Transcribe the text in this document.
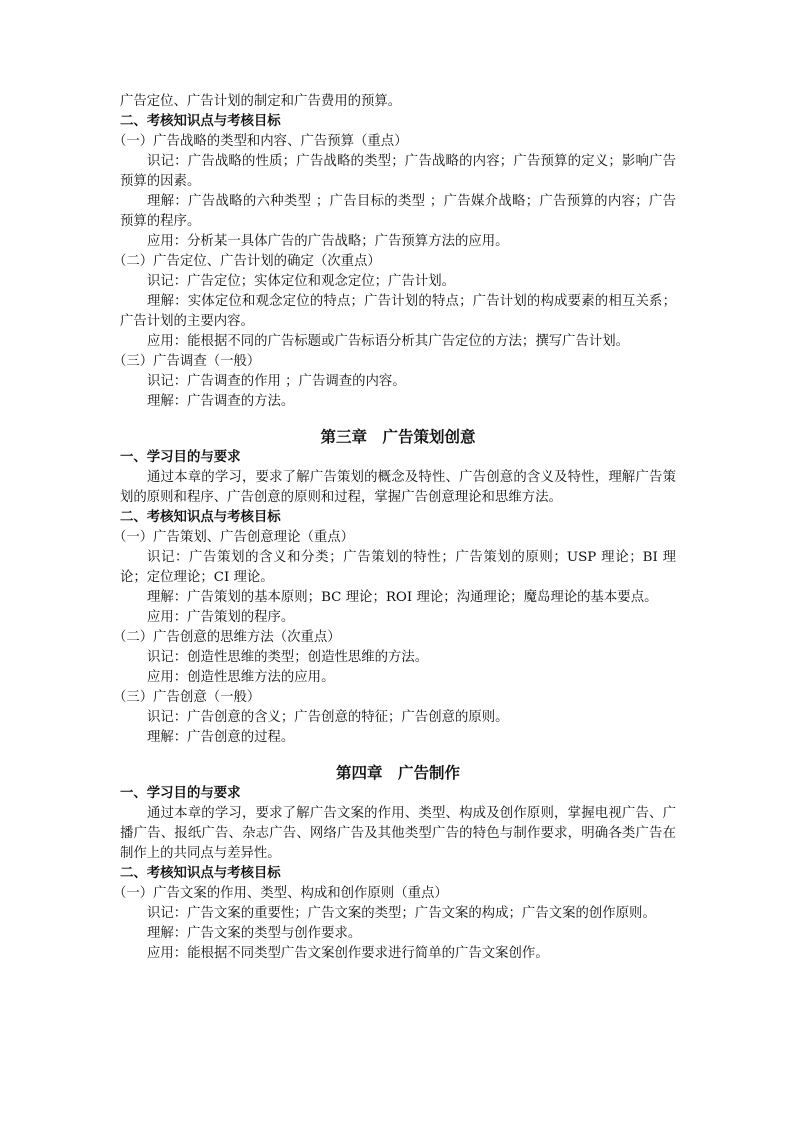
广告定位、广告计划的制定和广告费用的预算。

二、考核知识点与考核目标

（一）广告战略的类型和内容、广告预算（重点）

识记：广告战略的性质；广告战略的类型；广告战略的内容；广告预算的定义；影响广告预算的因素。

理解：广告战略的六种类型 ；广告目标的类型 ；广告媒介战略；广告预算的内容；广告预算的程序。

应用：分析某一具体广告的广告战略；广告预算方法的应用。

（二）广告定位、广告计划的确定（次重点）

识记：广告定位；实体定位和观念定位；广告计划。

理解：实体定位和观念定位的特点；广告计划的特点；广告计划的构成要素的相互关系；广告计划的主要内容。

应用：能根据不同的广告标题或广告标语分析其广告定位的方法；撰写广告计划。

（三）广告调查（一般）

识记：广告调查的作用 ；广告调查的内容。

理解：广告调查的方法。

第三章　广告策划创意

一、学习目的与要求

通过本章的学习，要求了解广告策划的概念及特性、广告创意的含义及特性，理解广告策划的原则和程序、广告创意的原则和过程，掌握广告创意理论和思维方法。

二、考核知识点与考核目标

（一）广告策划、广告创意理论（重点）

识记：广告策划的含义和分类；广告策划的特性；广告策划的原则；USP 理论；BI 理论；定位理论；CI 理论。

理解：广告策划的基本原则；BC 理论；ROI 理论；沟通理论；魔岛理论的基本要点。

应用：广告策划的程序。

（二）广告创意的思维方法（次重点）

识记：创造性思维的类型；创造性思维的方法。

应用：创造性思维方法的应用。

（三）广告创意（一般）

识记：广告创意的含义；广告创意的特征；广告创意的原则。

理解：广告创意的过程。

第四章　广告制作

一、学习目的与要求

通过本章的学习，要求了解广告文案的作用、类型、构成及创作原则，掌握电视广告、广播广告、报纸广告、杂志广告、网络广告及其他类型广告的特色与制作要求，明确各类广告在制作上的共同点与差异性。

二、考核知识点与考核目标

（一）广告文案的作用、类型、构成和创作原则（重点）

识记：广告文案的重要性；广告文案的类型；广告文案的构成；广告文案的创作原则。

理解：广告文案的类型与创作要求。

应用：能根据不同类型广告文案创作要求进行简单的广告文案创作。
